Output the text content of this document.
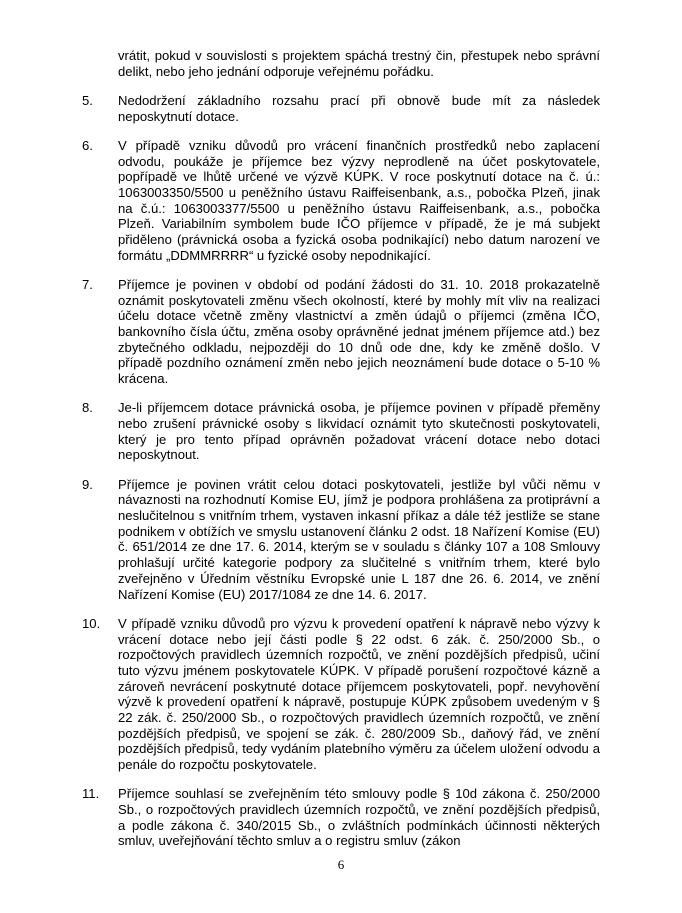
vrátit, pokud v souvislosti s projektem spáchá trestný čin, přestupek nebo správní delikt, nebo jeho jednání odporuje veřejnému pořádku.
5.	Nedodržení základního rozsahu prací při obnově bude mít za následek neposkytnutí dotace.
6.	V případě vzniku důvodů pro vrácení finančních prostředků nebo zaplacení odvodu, poukáže je příjemce bez výzvy neprodleně na účet poskytovatele, popřípadě ve lhůtě určené ve výzvě KÚPK. V roce poskytnutí dotace na č. ú.: 1063003350/5500 u peněžního ústavu Raiffeisenbank, a.s., pobočka Plzeň, jinak na č.ú.: 1063003377/5500 u peněžního ústavu Raiffeisenbank, a.s., pobočka Plzeň. Variabilním symbolem bude IČO příjemce v případě, že je má subjekt přiděleno (právnická osoba a fyzická osoba podnikající) nebo datum narození ve formátu „DDMMRRRR“ u fyzické osoby nepodnikající.
7.	Příjemce je povinen v období od podání žádosti do 31. 10. 2018 prokazatelně oznámit poskytovateli změnu všech okolností, které by mohly mít vliv na realizaci účelu dotace včetně změny vlastnictví a změn údajů o příjemci (změna IČO, bankovního čísla účtu, změna osoby oprávněné jednat jménem příjemce atd.) bez zbytečného odkladu, nejpozději do 10 dnů ode dne, kdy ke změně došlo. V případě pozdního oznámení změn nebo jejich neoznámení bude dotace o 5-10 % krácena.
8.	Je-li příjemcem dotace právnická osoba, je příjemce povinen v případě přeměny nebo zrušení právnické osoby s likvidací oznámit tyto skutečnosti poskytovateli, který je pro tento případ oprávněn požadovat vrácení dotace nebo dotaci neposkytnout.
9.	Příjemce je povinen vrátit celou dotaci poskytovateli, jestliže byl vůči němu v návaznosti na rozhodnutí Komise EU, jímž je podpora prohlášena za protiprávní a neslučitelnou s vnitřním trhem, vystaven inkasní příkaz a dále též jestliže se stane podnikem v obtížích ve smyslu ustanovení článku 2 odst. 18 Nařízení Komise (EU) č. 651/2014 ze dne 17. 6. 2014, kterým se v souladu s články 107 a 108 Smlouvy prohlašují určité kategorie podpory za slučitelné s vnitřním trhem, které bylo zveřejněno v Úředním věstníku Evropské unie L 187 dne 26. 6. 2014, ve znění Nařízení Komise (EU) 2017/1084 ze dne 14. 6. 2017.
10.	V případě vzniku důvodů pro výzvu k provedení opatření k nápravě nebo výzvy k vrácení dotace nebo její části podle § 22 odst. 6 zák. č. 250/2000 Sb., o rozpočtových pravidlech územních rozpočtů, ve znění pozdějších předpisů, učiní tuto výzvu jménem poskytovatele KÚPK. V případě porušení rozpočtové kázně a zároveň nevrácení poskytnuté dotace příjemcem poskytovateli, popř. nevyhovění výzvě k provedení opatření k nápravě, postupuje KÚPK způsobem uvedeným v § 22 zák. č. 250/2000 Sb., o rozpočtových pravidlech územních rozpočtů, ve znění pozdějších předpisů, ve spojení se zák. č. 280/2009 Sb., daňový řád, ve znění pozdějších předpisů, tedy vydáním platebního výměru za účelem uložení odvodu a penále do rozpočtu poskytovatele.
11.	Příjemce souhlasí se zveřejněním této smlouvy podle § 10d zákona č. 250/2000 Sb., o rozpočtových pravidlech územních rozpočtů, ve znění pozdějších předpisů, a podle zákona č. 340/2015 Sb., o zvláštních podmínkách účinnosti některých smluv, uveřejňování těchto smluv a o registru smluv (zákon
6
